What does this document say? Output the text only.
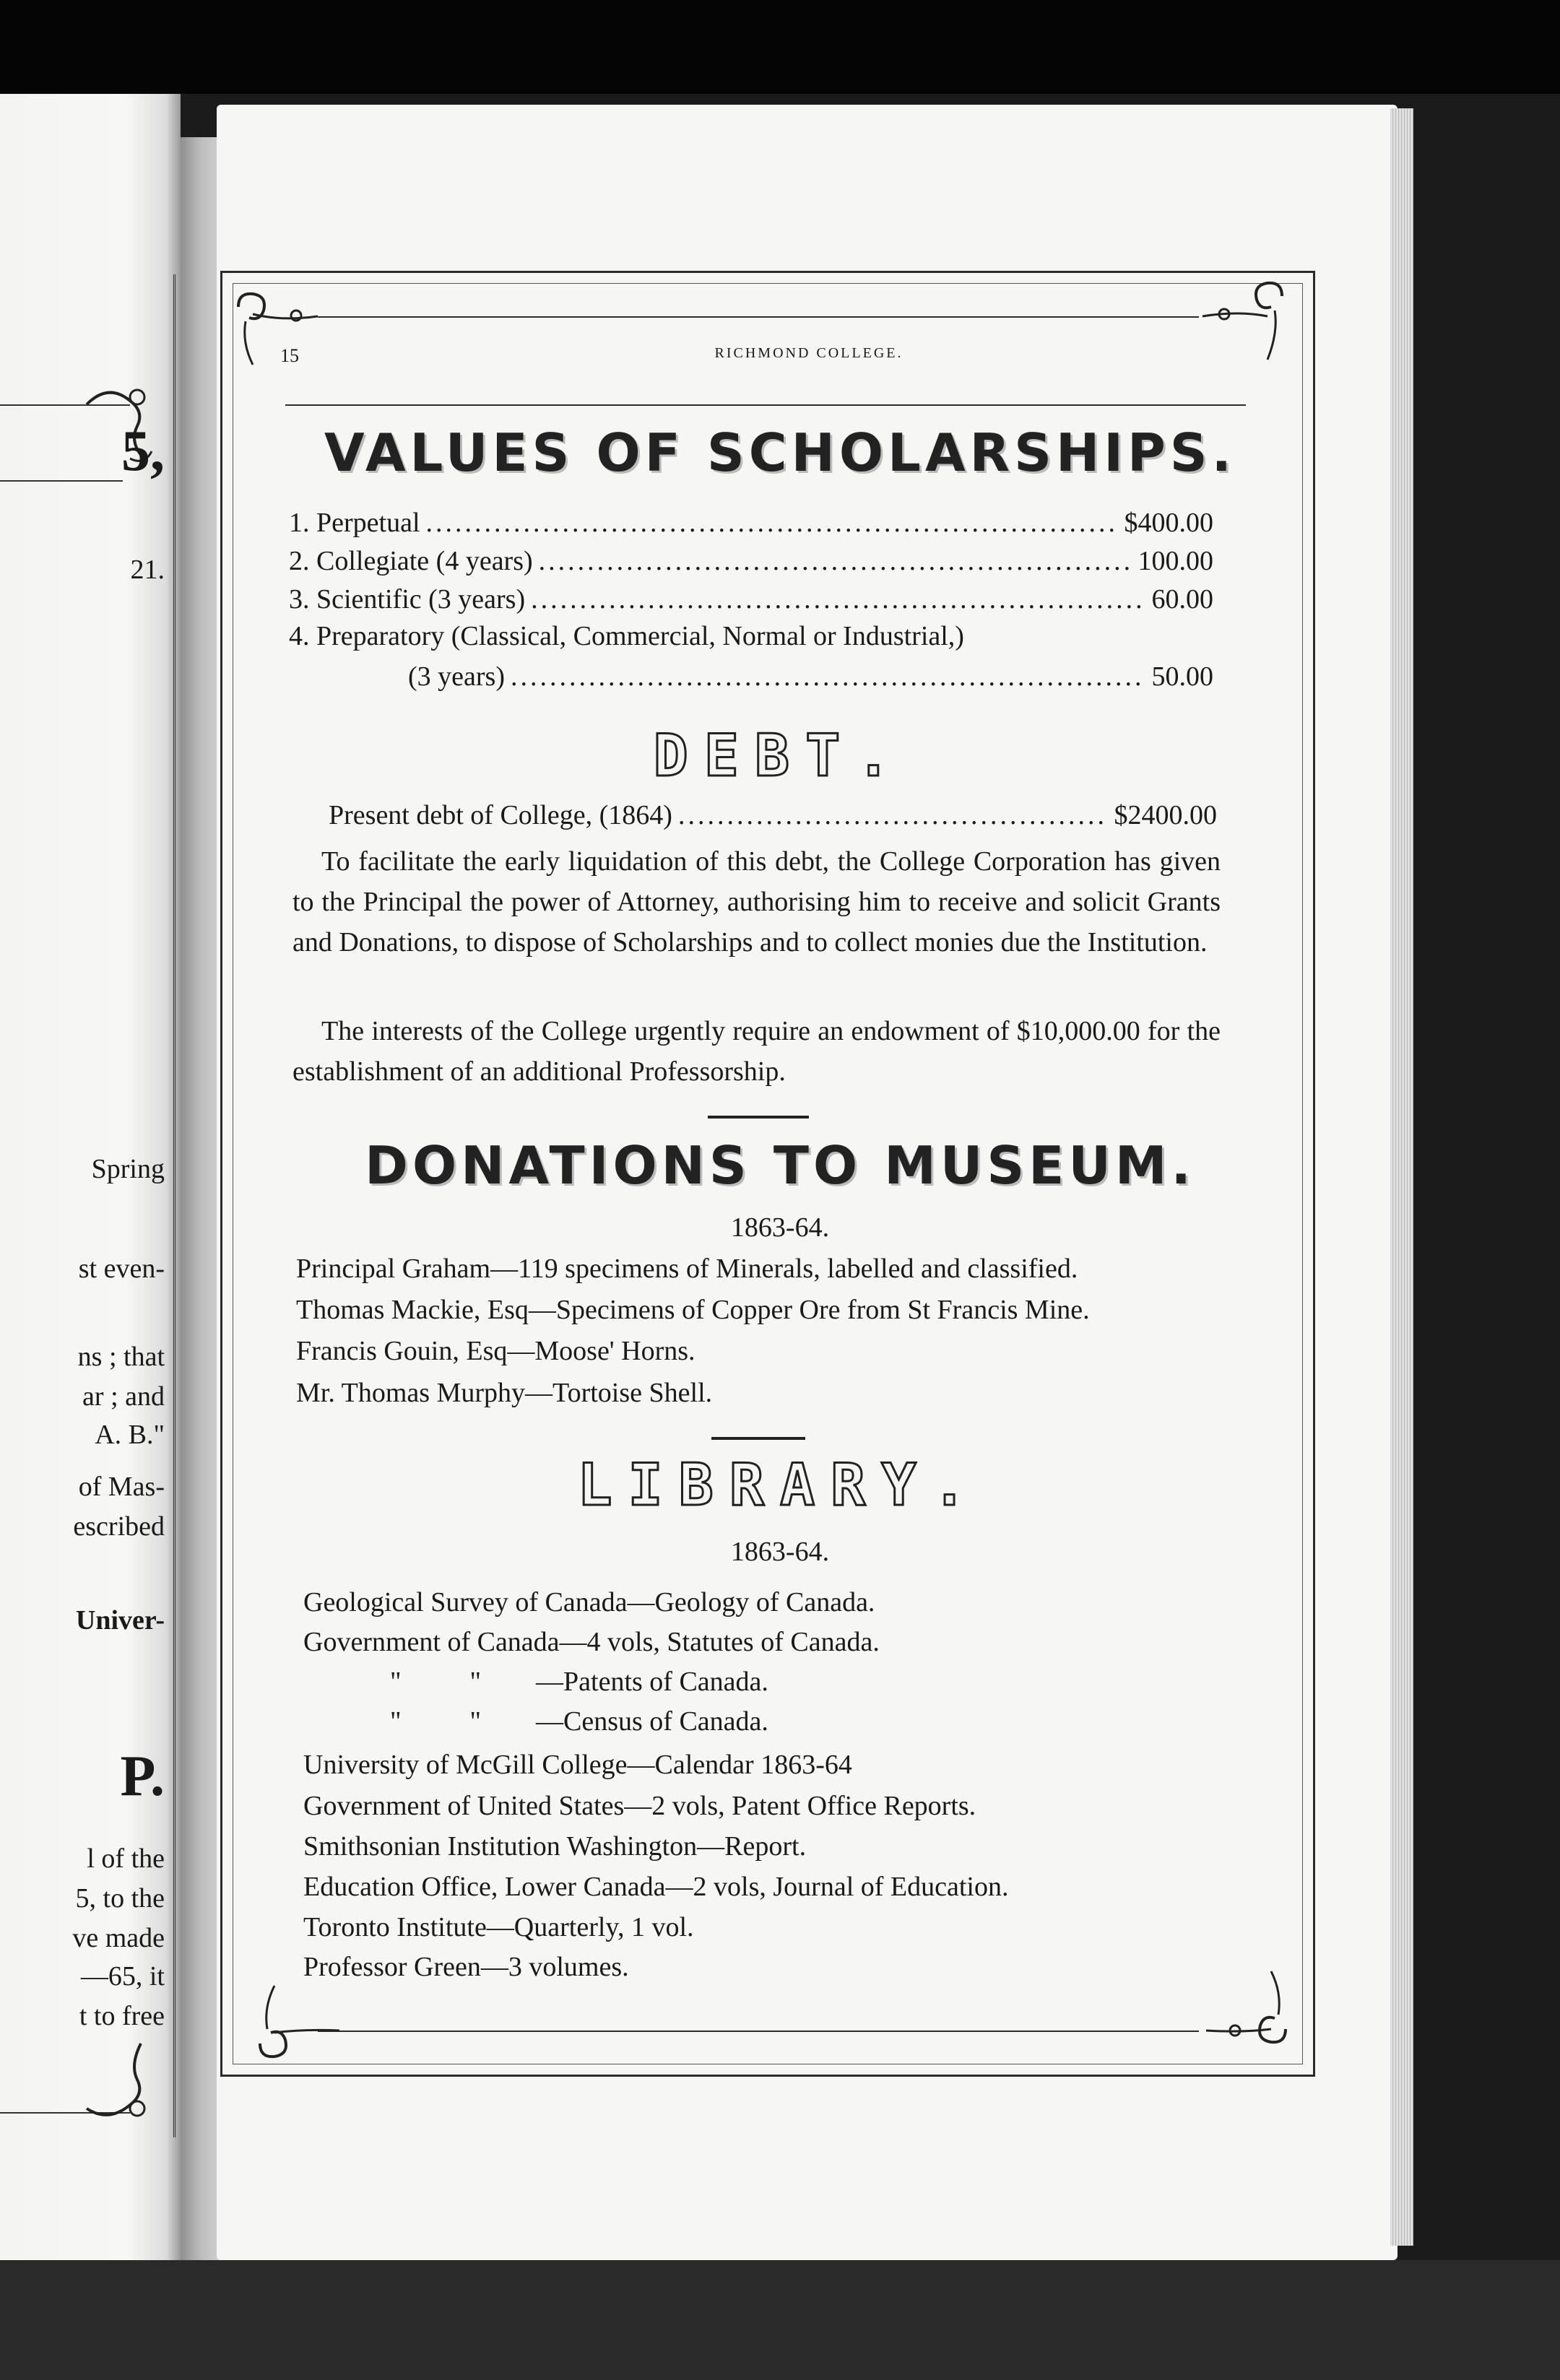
5,
21.
Spring
st even-
ns ; that
ar ; and
A. B."
of Mas-
escribed
Univer-
P.
l of the
5, to the
ve made
—65, it
t to free
15	RICHMOND COLLEGE.
VALUES OF SCHOLARSHIPS.
1. Perpetual .....	$400.00
2. Collegiate (4 years) .....	100.00
3. Scientific (3 years) .....	60.00
4. Preparatory (Classical, Commercial, Normal or Industrial,)
(3 years) .....	50.00
DEBT.
Present debt of College, (1864) .....	$2400.00
To facilitate the early liquidation of this debt, the College Corporation has given to the Principal the power of Attorney, authorising him to receive and solicit Grants and Donations, to dispose of Scholarships and to collect monies due the Institution.
The interests of the College urgently require an endowment of $10,000.00 for the establishment of an additional Professorship.
DONATIONS TO MUSEUM.
1863-64.
Principal Graham—119 specimens of Minerals, labelled and classified.
Thomas Mackie, Esq—Specimens of Copper Ore from St Francis Mine.
Francis Gouin, Esq—Moose' Horns.
Mr. Thomas Murphy—Tortoise Shell.
LIBRARY.
1863-64.
Geological Survey of Canada—Geology of Canada.
Government of Canada—4 vols, Statutes of Canada.
"          "        —Patents of Canada.
"          "        —Census of Canada.
University of McGill College—Calendar 1863-64
Government of United States—2 vols, Patent Office Reports.
Smithsonian Institution Washington—Report.
Education Office, Lower Canada—2 vols, Journal of Education.
Toronto Institute—Quarterly, 1 vol.
Professor Green—3 volumes.
